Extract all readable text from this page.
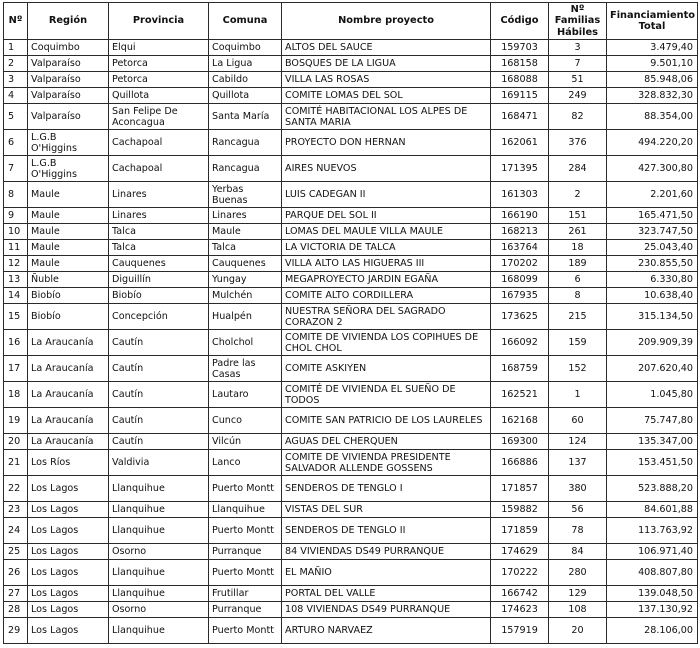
Nº	Región	Provincia	Comuna	Nombre proyecto	Código	Nº Familias Hábiles	Financiamiento Total
1	Coquimbo	Elqui	Coquimbo	ALTOS DEL SAUCE	159703	3	3.479,40
2	Valparaíso	Petorca	La Ligua	BOSQUES DE LA LIGUA	168158	7	9.501,10
3	Valparaíso	Petorca	Cabildo	VILLA LAS ROSAS	168088	51	85.948,06
4	Valparaíso	Quillota	Quillota	COMITE LOMAS DEL SOL	169115	249	328.832,30
5	Valparaíso	San Felipe De Aconcagua	Santa María	COMITÉ HABITACIONAL LOS ALPES DE SANTA MARIA	168471	82	88.354,00
6	L.G.B O'Higgins	Cachapoal	Rancagua	PROYECTO DON HERNAN	162061	376	494.220,20
7	L.G.B O'Higgins	Cachapoal	Rancagua	AIRES NUEVOS	171395	284	427.300,80
8	Maule	Linares	Yerbas Buenas	LUIS CADEGAN II	161303	2	2.201,60
9	Maule	Linares	Linares	PARQUE DEL SOL II	166190	151	165.471,50
10	Maule	Talca	Maule	LOMAS DEL MAULE VILLA MAULE	168213	261	323.747,50
11	Maule	Talca	Talca	LA VICTORIA DE TALCA	163764	18	25.043,40
12	Maule	Cauquenes	Cauquenes	VILLA ALTO LAS HIGUERAS III	170202	189	230.855,50
13	Ñuble	Diguillín	Yungay	MEGAPROYECTO JARDIN EGAÑA	168099	6	6.330,80
14	Biobío	Biobío	Mulchén	COMITE ALTO CORDILLERA	167935	8	10.638,40
15	Biobío	Concepción	Hualpén	NUESTRA SEÑORA DEL SAGRADO CORAZON 2	173625	215	315.134,50
16	La Araucanía	Cautín	Cholchol	COMITE DE VIVIENDA LOS COPIHUES DE CHOL CHOL	166092	159	209.909,39
17	La Araucanía	Cautín	Padre las Casas	COMITE ASKIYEN	168759	152	207.620,40
18	La Araucanía	Cautín	Lautaro	COMITÉ DE VIVIENDA EL SUEÑO DE TODOS	162521	1	1.045,80
19	La Araucanía	Cautín	Cunco	COMITE SAN PATRICIO DE LOS LAURELES	162168	60	75.747,80
20	La Araucanía	Cautín	Vilcún	AGUAS DEL CHERQUEN	169300	124	135.347,00
21	Los Ríos	Valdivia	Lanco	COMITE DE VIVIENDA PRESIDENTE SALVADOR ALLENDE GOSSENS	166886	137	153.451,50
22	Los Lagos	Llanquihue	Puerto Montt	SENDEROS DE TENGLO I	171857	380	523.888,20
23	Los Lagos	Llanquihue	Llanquihue	VISTAS DEL SUR	159882	56	84.601,88
24	Los Lagos	Llanquihue	Puerto Montt	SENDEROS DE TENGLO II	171859	78	113.763,92
25	Los Lagos	Osorno	Purranque	84 VIVIENDAS DS49 PURRANQUE	174629	84	106.971,40
26	Los Lagos	Llanquihue	Puerto Montt	EL MAÑIO	170222	280	408.807,80
27	Los Lagos	Llanquihue	Frutillar	PORTAL DEL VALLE	166742	129	139.048,50
28	Los Lagos	Osorno	Purranque	108 VIVIENDAS DS49 PURRANQUE	174623	108	137.130,92
29	Los Lagos	Llanquihue	Puerto Montt	ARTURO NARVAEZ	157919	20	28.106,00
